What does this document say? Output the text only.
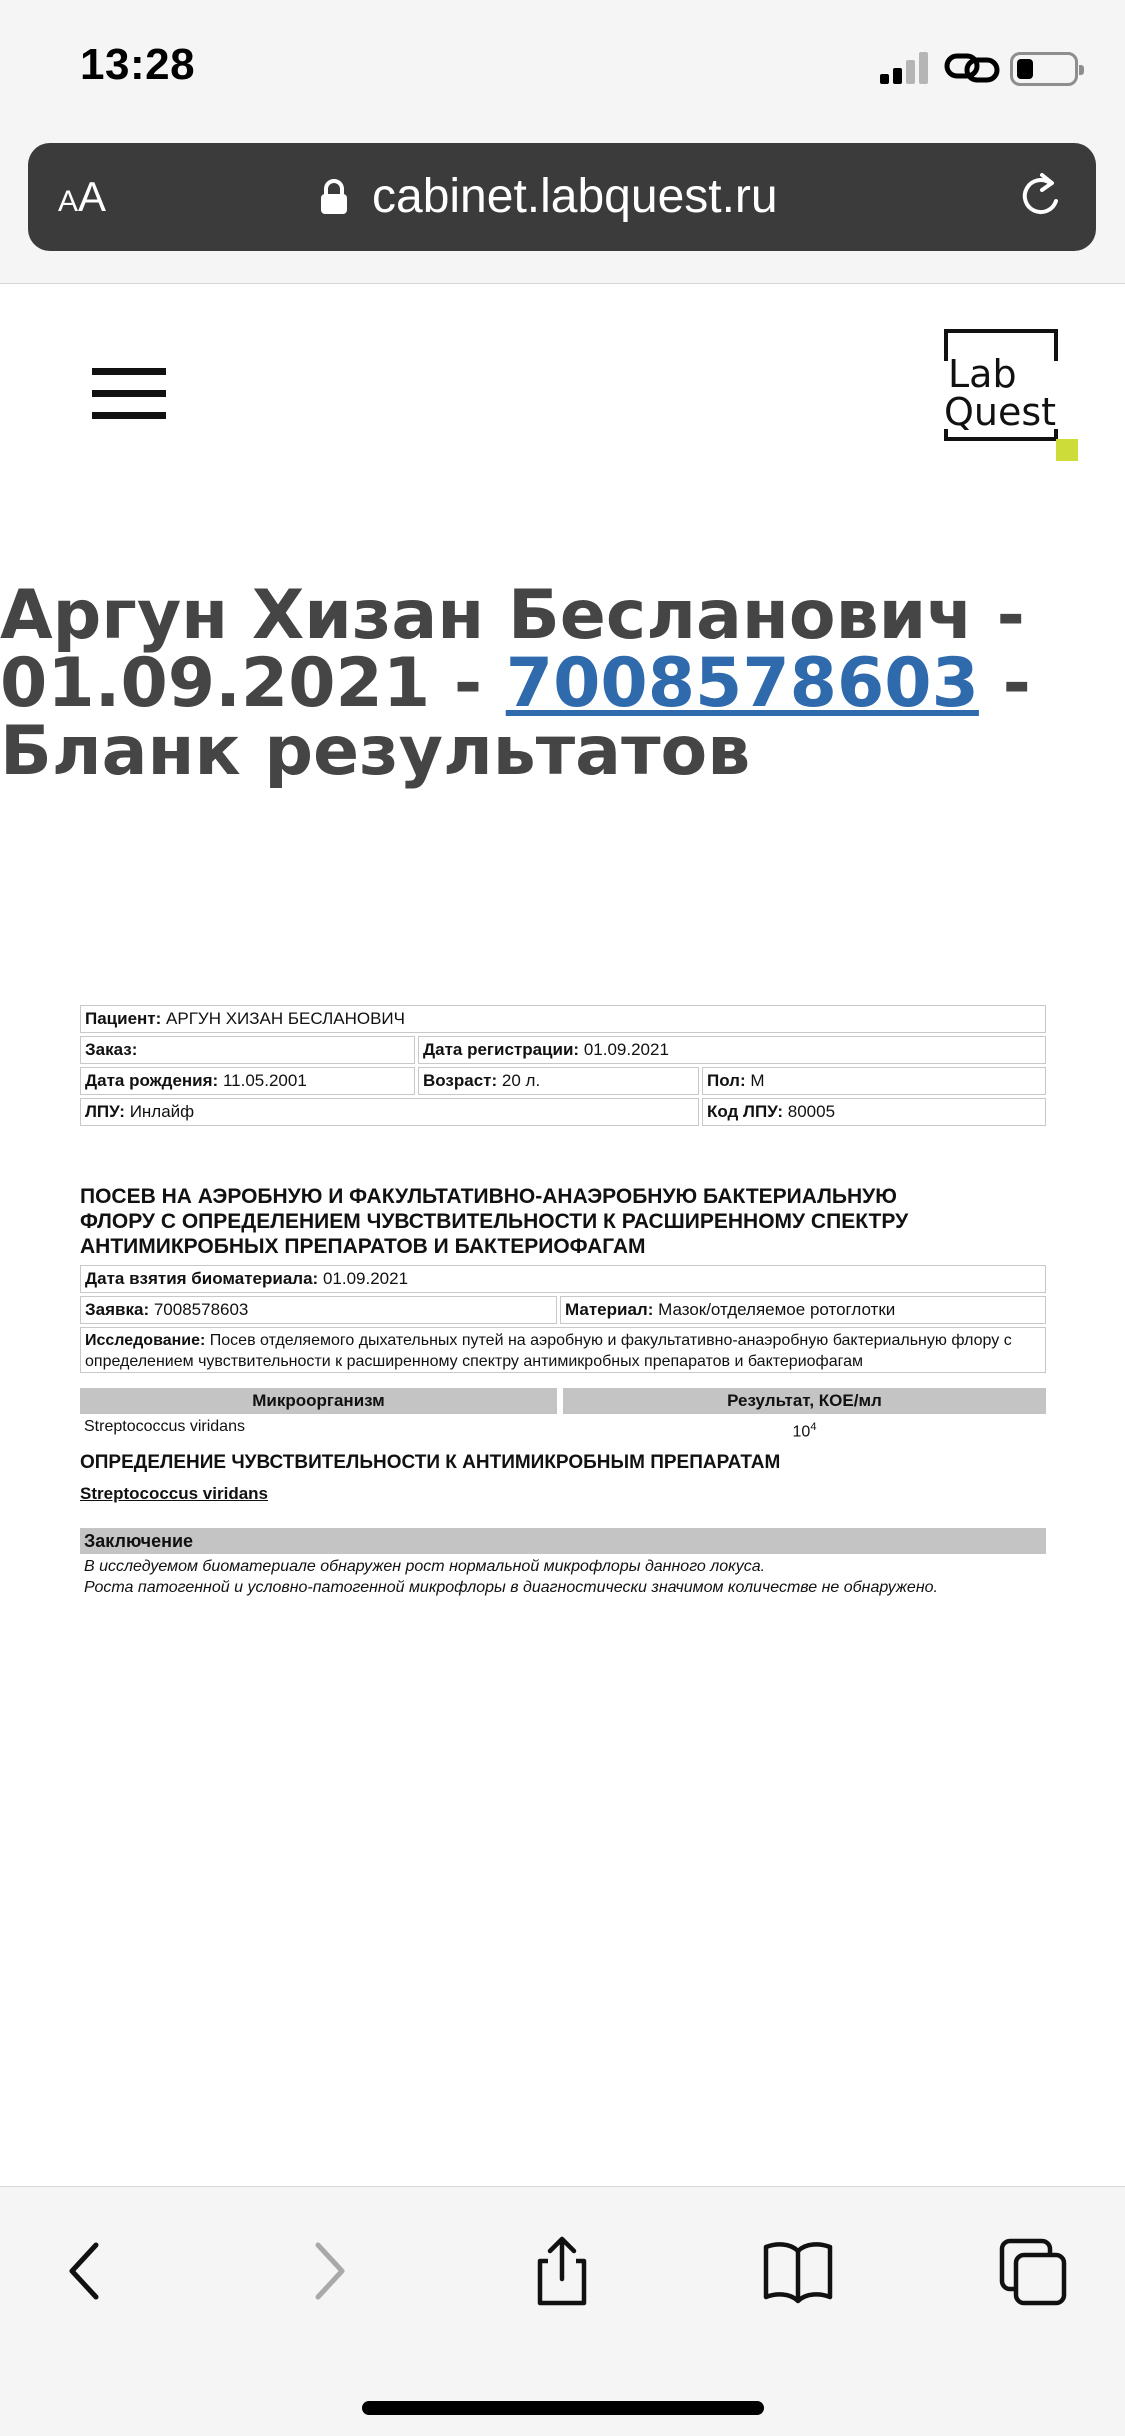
13:28
AA	cabinet.labquest.ru
Lab
Quest
Аргун Хизан Бесланович -
01.09.2021 - 7008578603 -
Бланк результатов
Пациент: АРГУН ХИЗАН БЕСЛАНОВИЧ
Заказ:	Дата регистрации: 01.09.2021
Дата рождения: 11.05.2001	Возраст: 20 л.	Пол: М
ЛПУ: Инлайф	Код ЛПУ: 80005
ПОСЕВ НА АЭРОБНУЮ И ФАКУЛЬТАТИВНО-АНАЭРОБНУЮ БАКТЕРИАЛЬНУЮ
ФЛОРУ С ОПРЕДЕЛЕНИЕМ ЧУВСТВИТЕЛЬНОСТИ К РАСШИРЕННОМУ СПЕКТРУ
АНТИМИКРОБНЫХ ПРЕПАРАТОВ И БАКТЕРИОФАГАМ
Дата взятия биоматериала: 01.09.2021
Заявка: 7008578603	Материал: Мазок/отделяемое ротоглотки
Исследование: Посев отделяемого дыхательных путей на аэробную и факультативно-анаэробную бактериальную флору с определением чувствительности к расширенному спектру антимикробных препаратов и бактериофагам
Микроорганизм	Результат, КОЕ/мл
Streptococcus viridans	$10^4$
ОПРЕДЕЛЕНИЕ ЧУВСТВИТЕЛЬНОСТИ К АНТИМИКРОБНЫМ ПРЕПАРАТАМ
Streptococcus viridans
Заключение
В исследуемом биоматериале обнаружен рост нормальной микрофлоры данного локуса.
Роста патогенной и условно-патогенной микрофлоры в диагностически значимом количестве не обнаружено.
